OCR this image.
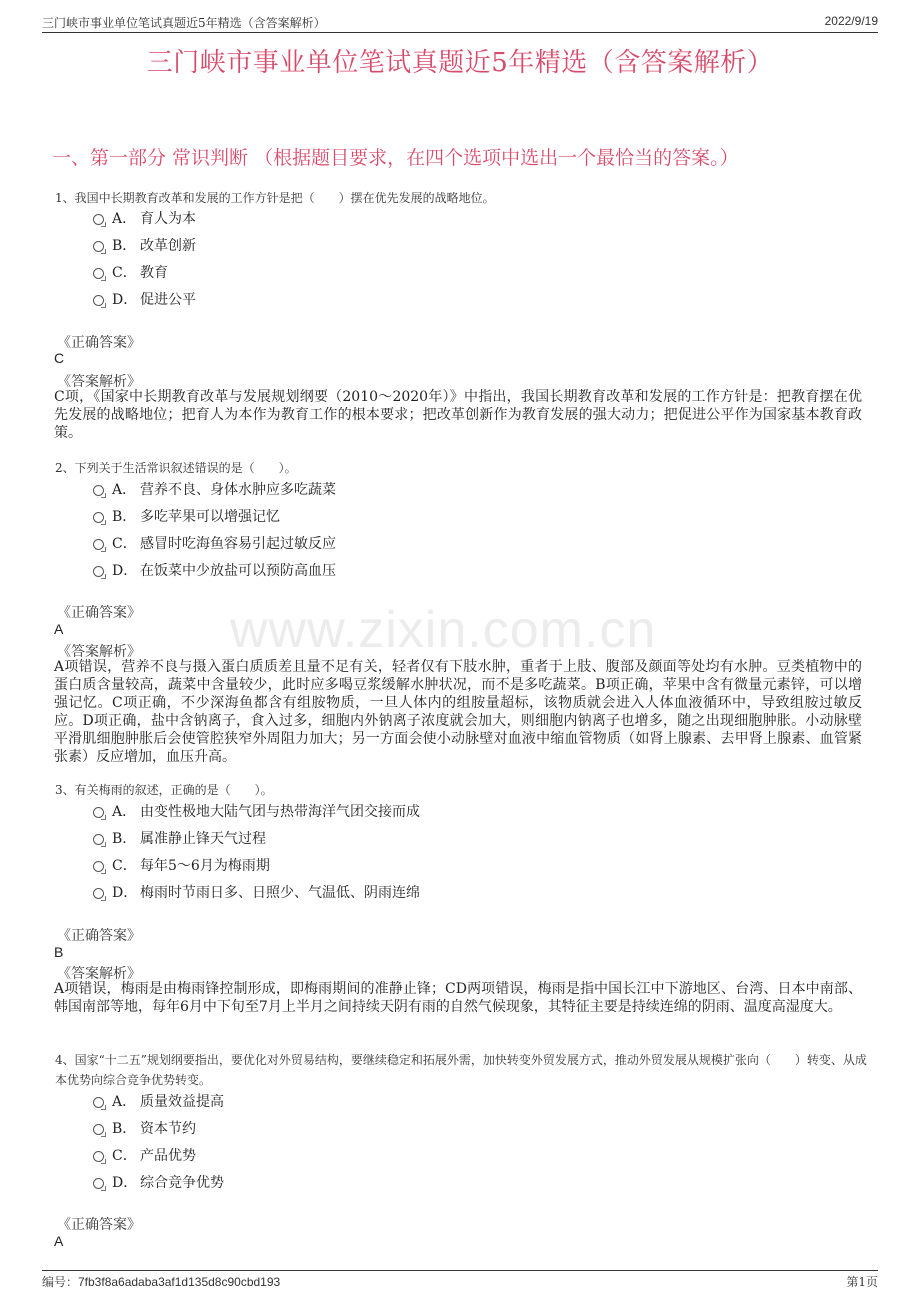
三门峡市事业单位笔试真题近5年精选（含答案解析）	2022/9/19
三门峡市事业单位笔试真题近5年精选（含答案解析）
一、第一部分 常识判断 （根据题目要求，在四个选项中选出一个最恰当的答案。）
www.zixin.com.cn
1、我国中长期教育改革和发展的工作方针是把（　　）摆在优先发展的战略地位。
A． 育人为本
B． 改革创新
C． 教育
D． 促进公平
《正确答案》
C
《答案解析》
C项，《国家中长期教育改革与发展规划纲要（2010～2020年）》中指出，我国长期教育改革和发展的工作方针是：把教育摆在优先发展的战略地位；把育人为本作为教育工作的根本要求；把改革创新作为教育发展的强大动力；把促进公平作为国家基本教育政策。
2、下列关于生活常识叙述错误的是（　　）。
A． 营养不良、身体水肿应多吃蔬菜
B． 多吃苹果可以增强记忆
C． 感冒时吃海鱼容易引起过敏反应
D． 在饭菜中少放盐可以预防高血压
《正确答案》
A
《答案解析》
A项错误，营养不良与摄入蛋白质质差且量不足有关，轻者仅有下肢水肿，重者于上肢、腹部及颜面等处均有水肿。豆类植物中的蛋白质含量较高，蔬菜中含量较少，此时应多喝豆浆缓解水肿状况，而不是多吃蔬菜。B项正确，苹果中含有微量元素锌，可以增强记忆。C项正确，不少深海鱼都含有组胺物质，一旦人体内的组胺量超标，该物质就会进入人体血液循环中，导致组胺过敏反应。D项正确，盐中含钠离子，食入过多，细胞内外钠离子浓度就会加大，则细胞内钠离子也增多，随之出现细胞肿胀。小动脉壁平滑肌细胞肿胀后会使管腔狭窄外周阻力加大；另一方面会使小动脉壁对血液中缩血管物质（如肾上腺素、去甲肾上腺素、血管紧张素）反应增加，血压升高。
3、有关梅雨的叙述，正确的是（　　）。
A． 由变性极地大陆气团与热带海洋气团交接而成
B． 属准静止锋天气过程
C． 每年5～6月为梅雨期
D． 梅雨时节雨日多、日照少、气温低、阴雨连绵
《正确答案》
B
《答案解析》
A项错误，梅雨是由梅雨锋控制形成，即梅雨期间的准静止锋；CD两项错误，梅雨是指中国长江中下游地区、台湾、日本中南部、韩国南部等地，每年6月中下旬至7月上半月之间持续天阴有雨的自然气候现象，其特征主要是持续连绵的阴雨、温度高湿度大。
4、国家“十二五”规划纲要指出，要优化对外贸易结构，要继续稳定和拓展外需，加快转变外贸发展方式，推动外贸发展从规模扩张向（　　）转变、从成本优势向综合竞争优势转变。
A． 质量效益提高
B． 资本节约
C． 产品优势
D． 综合竞争优势
《正确答案》
A
编号：7fb3f8a6adaba3af1d135d8c90cbd193	第1页
